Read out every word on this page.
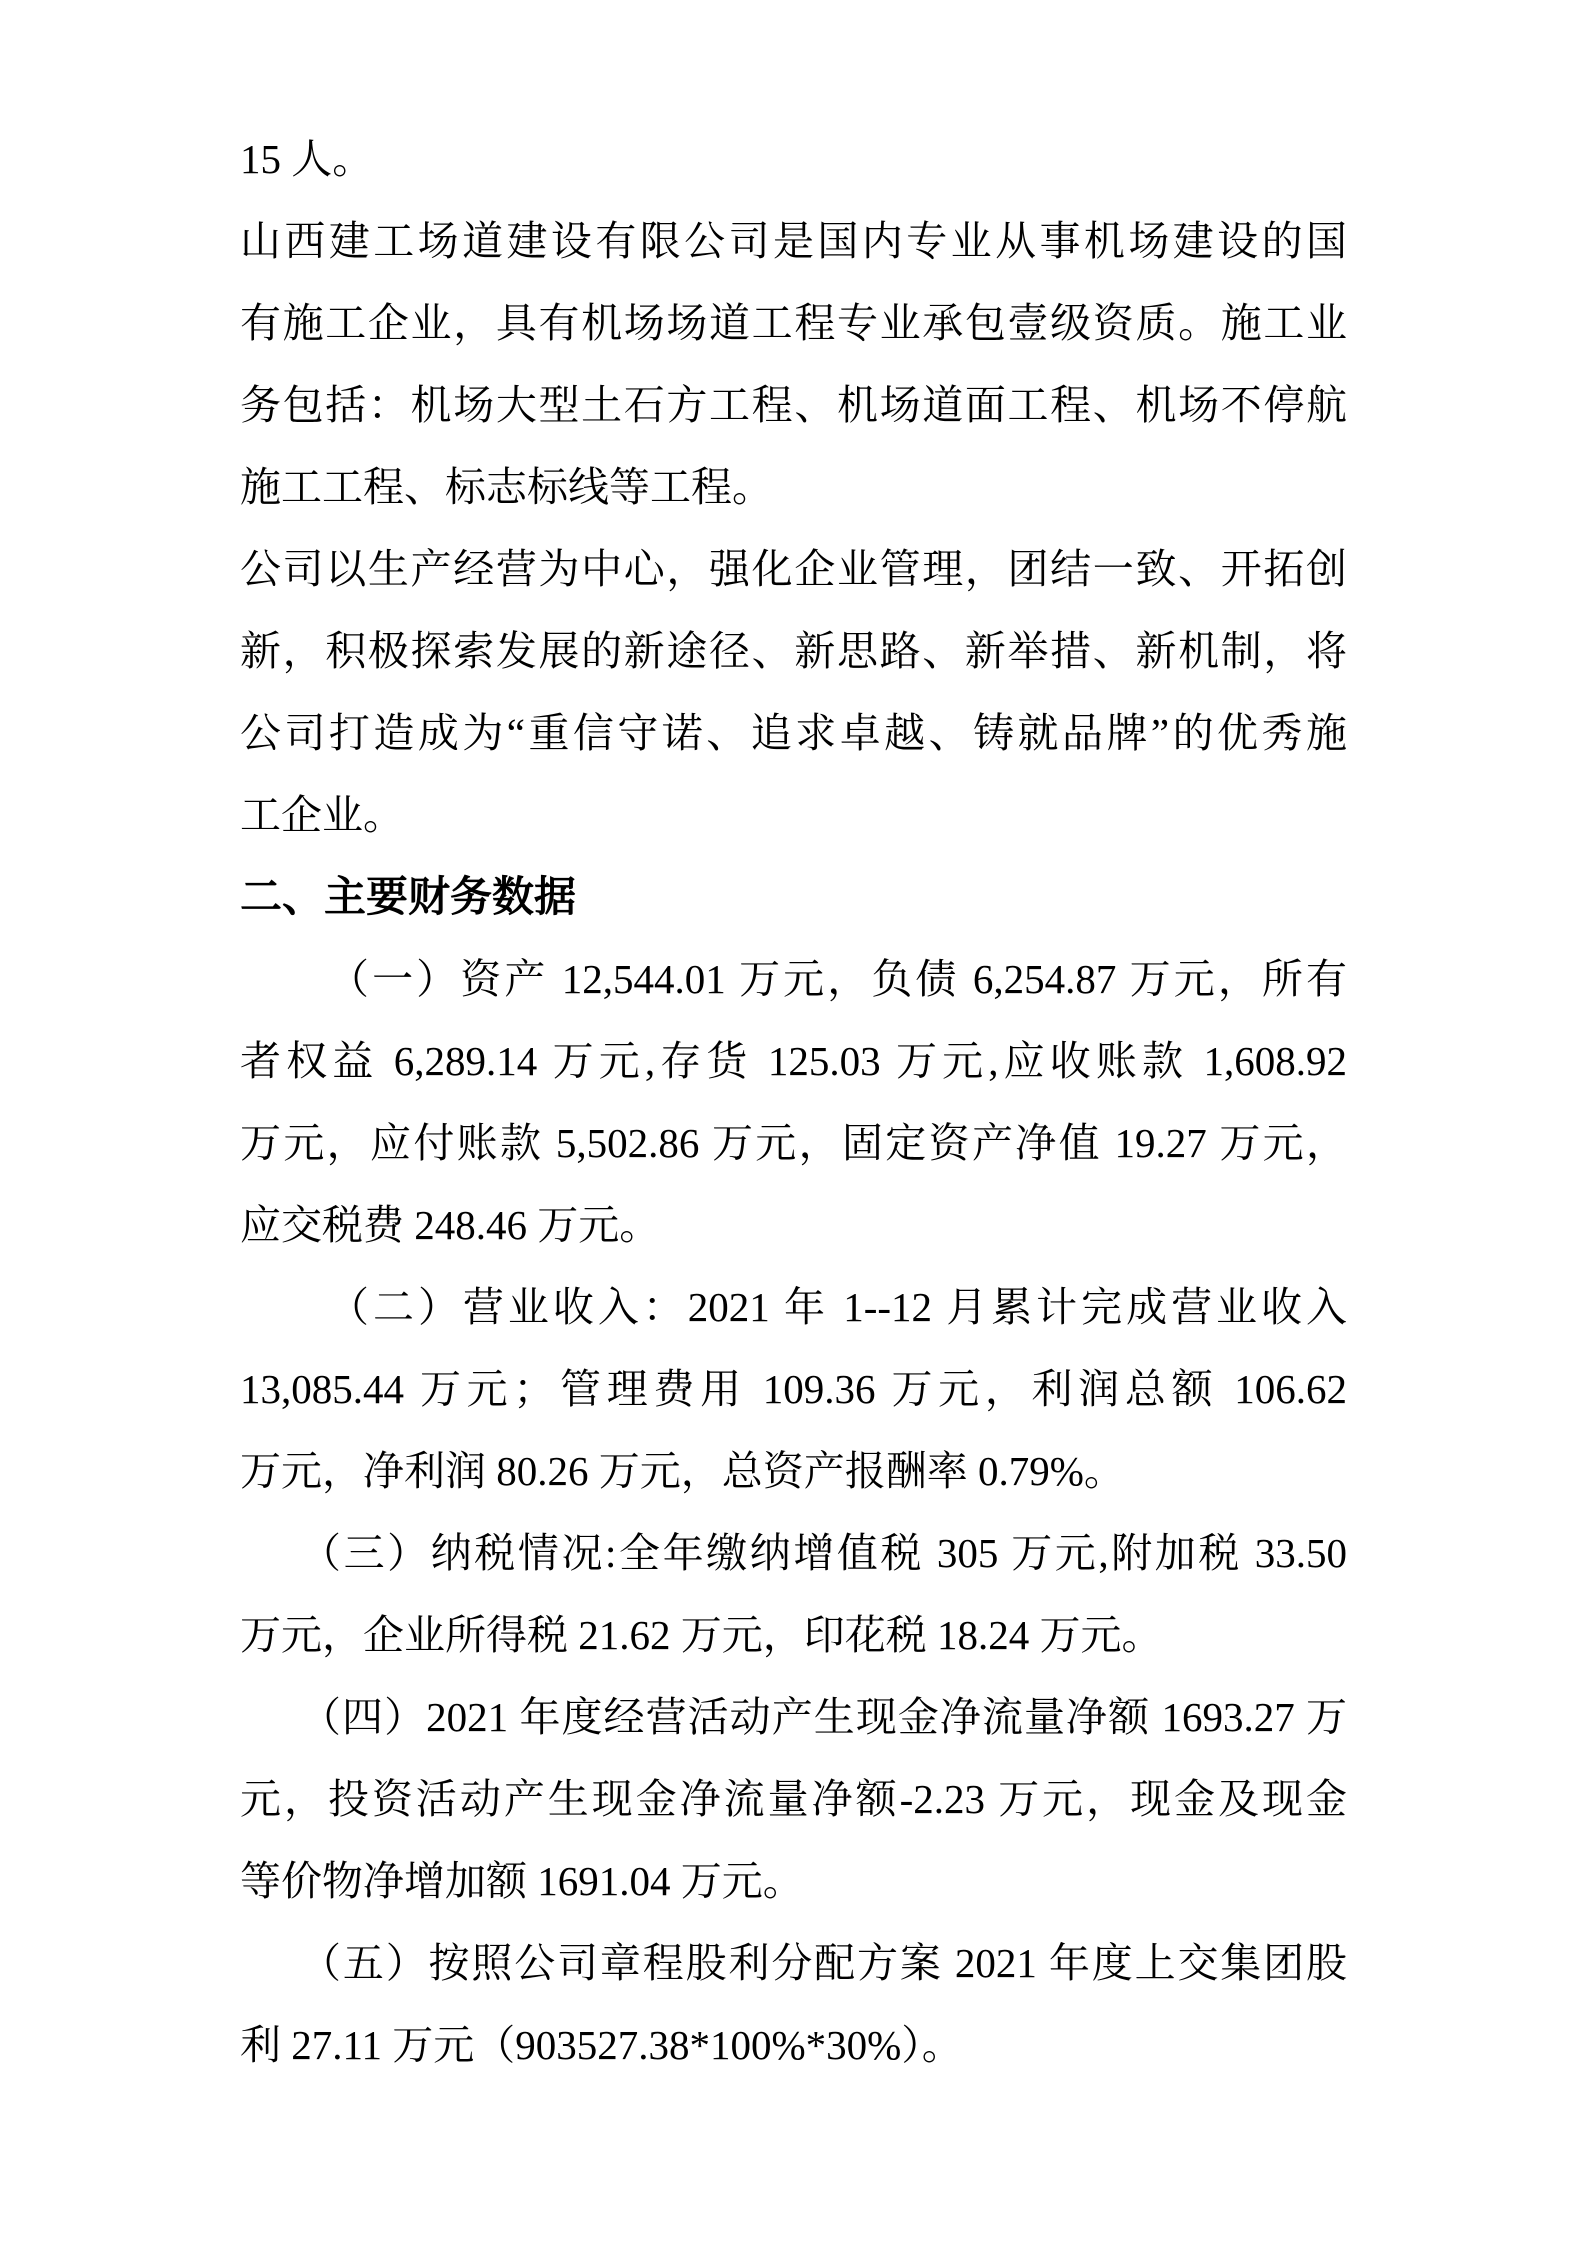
15 人。
山西建工场道建设有限公司是国内专业从事机场建设的国
有施工企业，具有机场场道工程专业承包壹级资质。施工业
务包括：机场大型土石方工程、机场道面工程、机场不停航
施工工程、标志标线等工程。
公司以生产经营为中心，强化企业管理，团结一致、开拓创
新，积极探索发展的新途径、新思路、新举措、新机制，将
公司打造成为“重信守诺、追求卓越、铸就品牌”的优秀施
工企业。
二、主要财务数据
（一）资产 12,544.01 万元，负债 6,254.87 万元，所有
者权益 6,289.14 万元,存货 125.03 万元,应收账款 1,608.92
万元，应付账款 5,502.86 万元，固定资产净值 19.27 万元，
应交税费 248.46 万元。
（二）营业收入：2021 年 1--12 月累计完成营业收入
13,085.44 万元；管理费用 109.36 万元，利润总额 106.62
万元，净利润 80.26 万元，总资产报酬率 0.79%。
（三）纳税情况:全年缴纳增值税 305 万元,附加税 33.50
万元，企业所得税 21.62 万元，印花税 18.24 万元。
（四）2021 年度经营活动产生现金净流量净额 1693.27 万
元，投资活动产生现金净流量净额-2.23 万元，现金及现金
等价物净增加额 1691.04 万元。
（五）按照公司章程股利分配方案 2021 年度上交集团股
利 27.11 万元（903527.38*100%*30%）。
